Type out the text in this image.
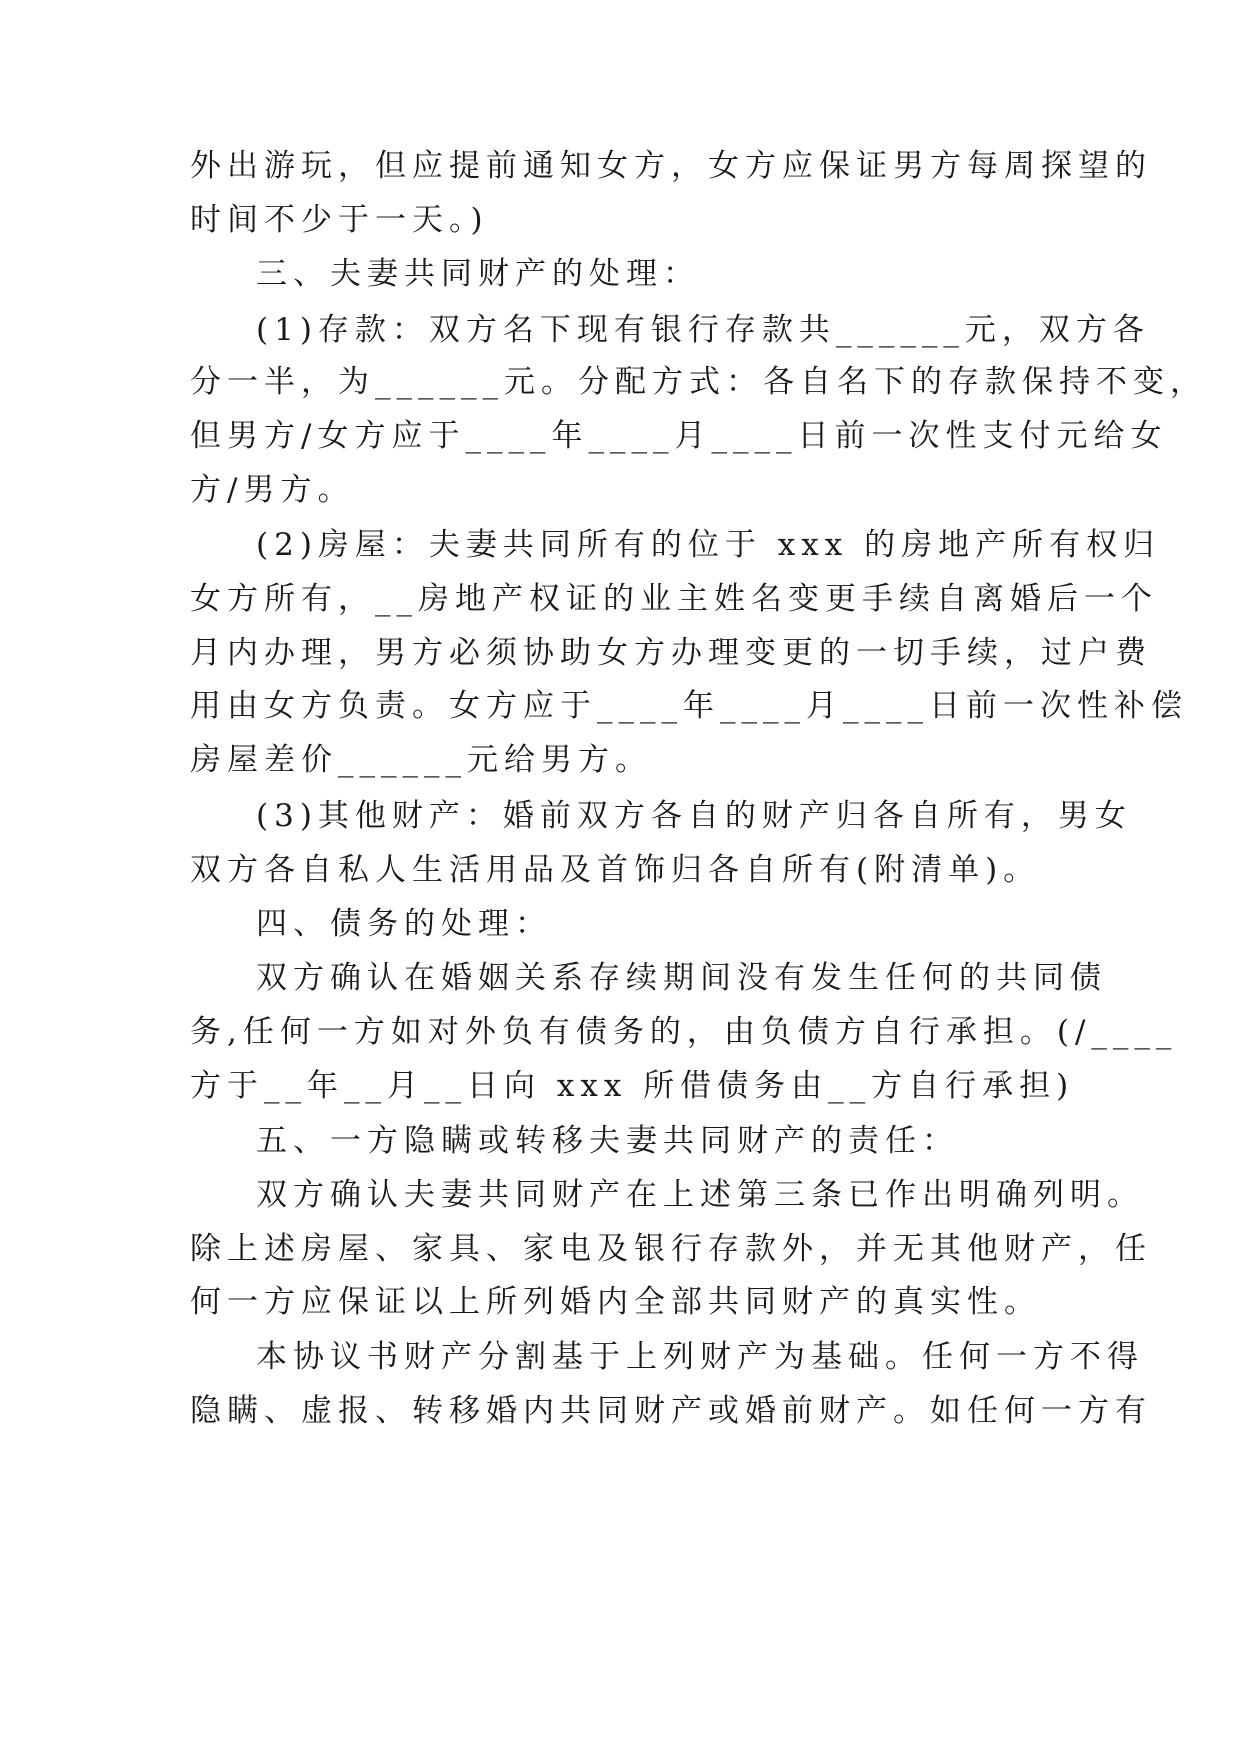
外出游玩，但应提前通知女方，女方应保证男方每周探望的
时间不少于一天。)
三、夫妻共同财产的处理：
(1)存款：双方名下现有银行存款共______元，双方各
分一半，为______元。分配方式：各自名下的存款保持不变，
但男方/女方应于____年____月____日前一次性支付元给女
方/男方。
(2)房屋：夫妻共同所有的位于 xxx 的房地产所有权归
女方所有，__房地产权证的业主姓名变更手续自离婚后一个
月内办理，男方必须协助女方办理变更的一切手续，过户费
用由女方负责。女方应于____年____月____日前一次性补偿
房屋差价______元给男方。
(3)其他财产：婚前双方各自的财产归各自所有，男女
双方各自私人生活用品及首饰归各自所有(附清单)。
四、债务的处理：
双方确认在婚姻关系存续期间没有发生任何的共同债
务,任何一方如对外负有债务的，由负债方自行承担。(/____
方于__年__月__日向 xxx 所借债务由__方自行承担)
五、一方隐瞒或转移夫妻共同财产的责任：
双方确认夫妻共同财产在上述第三条已作出明确列明。
除上述房屋、家具、家电及银行存款外，并无其他财产，任
何一方应保证以上所列婚内全部共同财产的真实性。
本协议书财产分割基于上列财产为基础。任何一方不得
隐瞒、虚报、转移婚内共同财产或婚前财产。如任何一方有
